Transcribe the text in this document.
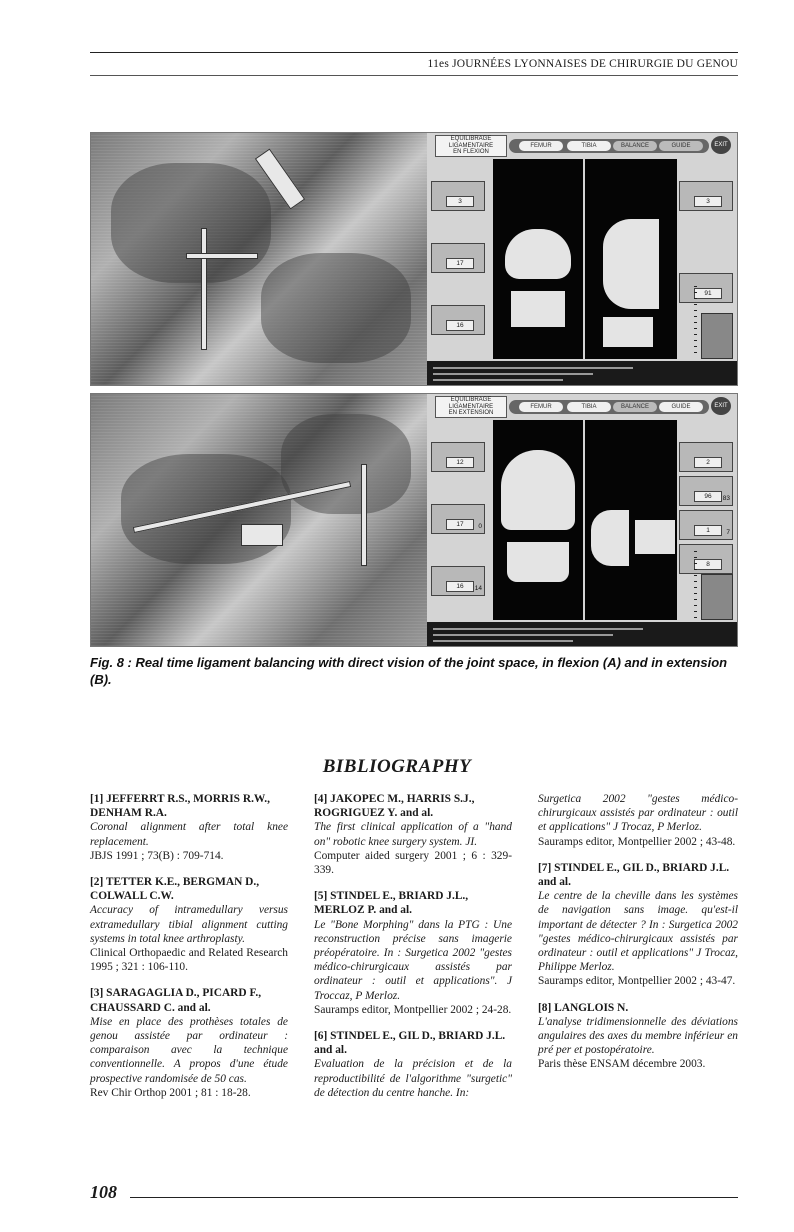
11es JOURNÉES LYONNAISES DE CHIRURGIE DU GENOU
EQUILIBRAGE
LIGAMENTAIRE
EN FLEXION
FEMUR	TIBIA	BALANCE	GUIDE	EXIT
3
17
16
3
91
EQUILIBRAGE
LIGAMENTAIRE
EN EXTENSION
FEMUR	TIBIA	BALANCE	GUIDE	EXIT
12
17	0
16	14
2
96	83
1	7
8
Fig. 8 : Real time ligament balancing with direct vision of the joint space, in flexion (A) and in extension (B).
BIBLIOGRAPHY

[1] JEFFERRT R.S., MORRIS R.W., DENHAM R.A.

Coronal alignment after total knee replacement.

JBJS 1991 ; 73(B) : 709-714.

[2] TETTER K.E., BERGMAN D., COLWALL C.W.

Accuracy of intramedullary versus extramedullary tibial alignment cutting systems in total knee arthroplasty.

Clinical Orthopaedic and Related Research 1995 ; 321 : 106-110.

[3] SARAGAGLIA D., PICARD F., CHAUSSARD C. and al.

Mise en place des prothèses totales de genou assistée par ordinateur : comparaison avec la technique conventionnelle. A propos d'une étude prospective randomisée de 50 cas.

Rev Chir Orthop 2001 ; 81 : 18-28.

[4] JAKOPEC M., HARRIS S.J., ROGRIGUEZ Y. and al.

The first clinical application of a "hand on" robotic knee surgery system. JI.

Computer aided surgery 2001 ; 6 : 329-339.

[5] STINDEL E., BRIARD J.L., MERLOZ P. and al.

Le "Bone Morphing" dans la PTG : Une reconstruction précise sans imagerie préopératoire. In : Surgetica 2002 "gestes médico-chirurgicaux assistés par ordinateur : outil et applications". J Troccaz, P Merloz.

Sauramps editor, Montpellier 2002 ; 24-28.

[6] STINDEL E., GIL D., BRIARD J.L. and al.

Evaluation de la précision et de la reproductibilité de l'algorithme "surgetic" de détection du centre hanche. In:

Surgetica 2002 "gestes médico-chirurgicaux assistés par ordinateur : outil et applications" J Trocaz, P Merloz.

Sauramps editor, Montpellier 2002 ; 43-48.

[7] STINDEL E., GIL D., BRIARD J.L. and al.

Le centre de la cheville dans les systèmes de navigation sans image. qu'est-il important de détecter ? In : Surgetica 2002 "gestes médico-chirurgicaux assistés par ordinateur : outil et applications" J Trocaz, Philippe Merloz.

Sauramps editor, Montpellier 2002 ; 43-47.

[8] LANGLOIS N.

L'analyse tridimensionnelle des déviations angulaires des axes du membre inférieur en pré per et postopératoire.

Paris thèse ENSAM décembre 2003.

108
